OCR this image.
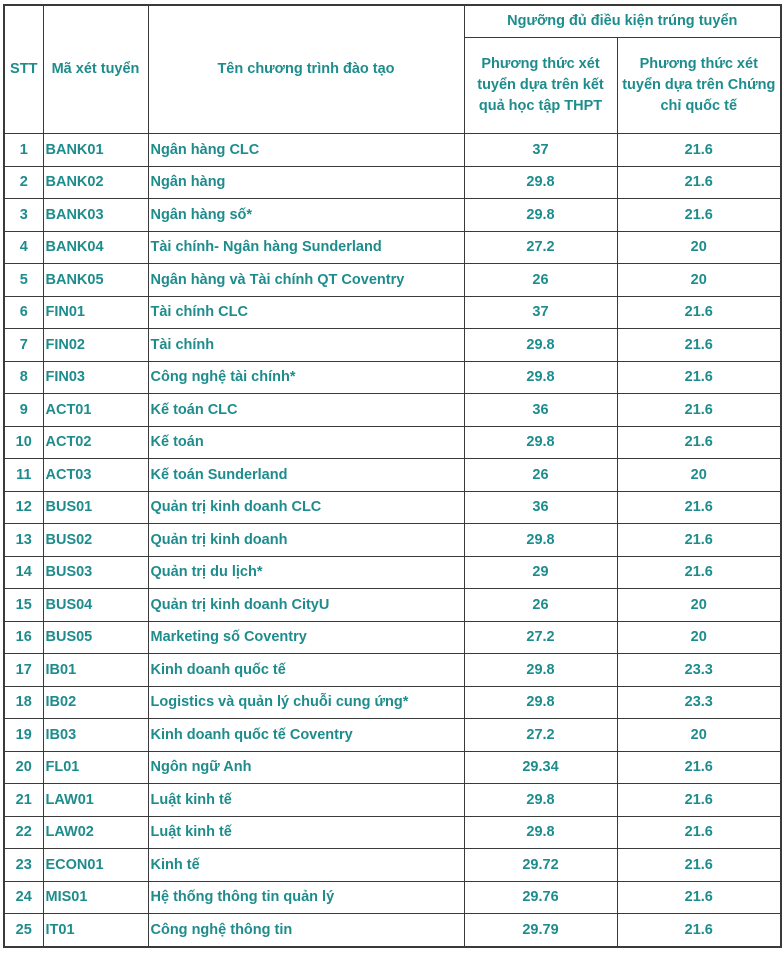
STT	Mã xét tuyển	Tên chương trình đào tạo	Ngưỡng đủ điều kiện trúng tuyển	
			Phương thức xét tuyển dựa trên kết quả học tập THPT	Phương thức xét tuyển dựa trên Chứng chỉ quốc tế
1	BANK01	Ngân hàng CLC	37	21.6
2	BANK02	Ngân hàng	29.8	21.6
3	BANK03	Ngân hàng số*	29.8	21.6
4	BANK04	Tài chính- Ngân hàng Sunderland	27.2	20
5	BANK05	Ngân hàng và Tài chính QT Coventry	26	20
6	FIN01	Tài chính CLC	37	21.6
7	FIN02	Tài chính	29.8	21.6
8	FIN03	Công nghệ tài chính*	29.8	21.6
9	ACT01	Kế toán CLC	36	21.6
10	ACT02	Kế toán	29.8	21.6
11	ACT03	Kế toán Sunderland	26	20
12	BUS01	Quản trị kinh doanh CLC	36	21.6
13	BUS02	Quản trị kinh doanh	29.8	21.6
14	BUS03	Quản trị du lịch*	29	21.6
15	BUS04	Quản trị kinh doanh CityU	26	20
16	BUS05	Marketing số Coventry	27.2	20
17	IB01	Kinh doanh quốc tế	29.8	23.3
18	IB02	Logistics và quản lý chuỗi cung ứng*	29.8	23.3
19	IB03	Kinh doanh quốc tế Coventry	27.2	20
20	FL01	Ngôn ngữ Anh	29.34	21.6
21	LAW01	Luật kinh tế	29.8	21.6
22	LAW02	Luật kinh tế	29.8	21.6
23	ECON01	Kinh tế	29.72	21.6
24	MIS01	Hệ thống thông tin quản lý	29.76	21.6
25	IT01	Công nghệ thông tin	29.79	21.6
